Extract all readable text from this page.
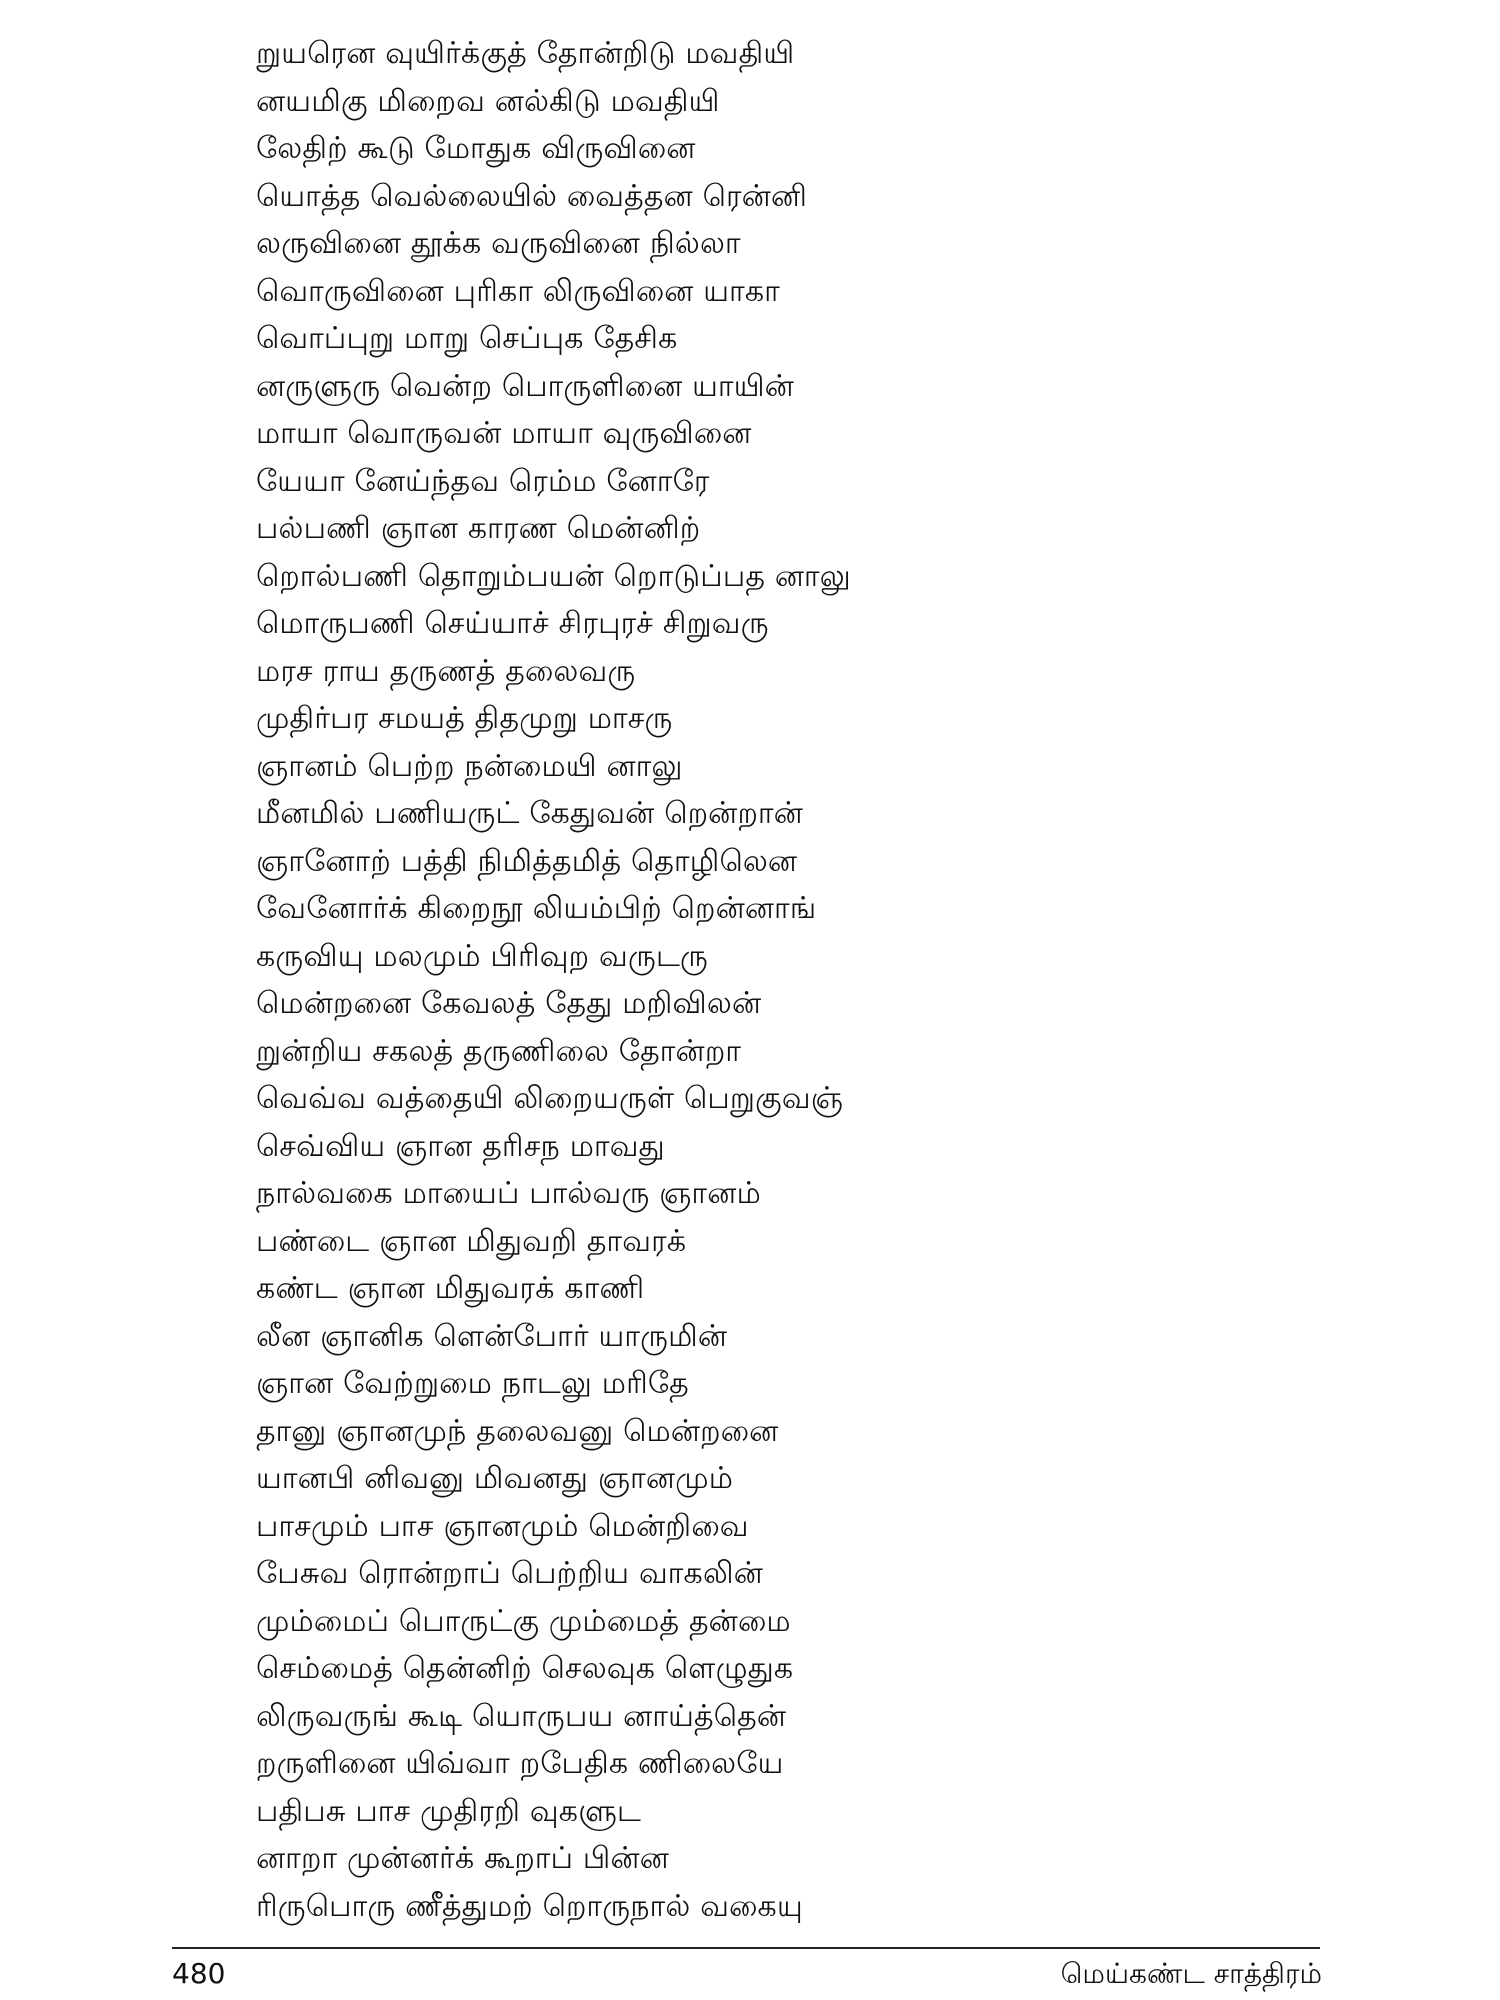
றுயரென வுயிர்க்குத் தோன்றிடு மவதியி
னயமிகு மிறைவ னல்கிடு மவதியி
லேதிற் கூடு மோதுக விருவினை
யொத்த வெல்லையில் வைத்தன ரென்னி
லருவினை தூக்க வருவினை நில்லா
வொருவினை புரிகா லிருவினை யாகா
வொப்புறு மாறு செப்புக தேசிக
னருளுரு வென்ற பொருளினை யாயின்
மாயா வொருவன் மாயா வுருவினை
யேயா னேய்ந்தவ ரெம்ம னோரே
பல்பணி ஞான காரண மென்னிற்
றொல்பணி தொறும்பயன் றொடுப்பத னாலு
மொருபணி செய்யாச் சிரபுரச் சிறுவரு
மரச ராய தருணத் தலைவரு
முதிர்பர சமயத் திதமுறு மாசரு
ஞானம் பெற்ற நன்மையி னாலு
மீனமில் பணியருட் கேதுவன் றென்றான்
ஞானோற் பத்தி நிமித்தமித் தொழிலென
வேனோர்க் கிறைநூ லியம்பிற் றென்னாங்
கருவியு மலமும் பிரிவுற வருடரு
மென்றனை கேவலத் தேது மறிவிலன்
றுன்றிய சகலத் தருணிலை தோன்றா
வெவ்வ வத்தையி லிறையருள் பெறுகுவஞ்
செவ்விய ஞான தரிசந மாவது
நால்வகை மாயைப் பால்வரு ஞானம்
பண்டை ஞான மிதுவறி தாவரக்
கண்ட ஞான மிதுவரக் காணி
லீன ஞானிக ளென்போர் யாருமின்
ஞான வேற்றுமை நாடலு மரிதே
தானு ஞானமுந் தலைவனு மென்றனை
யானபி னிவனு மிவனது ஞானமும்
பாசமும் பாச ஞானமும் மென்றிவை
பேசுவ ரொன்றாப் பெற்றிய வாகலின்
மும்மைப் பொருட்கு மும்மைத் தன்மை
செம்மைத் தென்னிற் செலவுக ளெழுதுக
லிருவருங் கூடி யொருபய னாய்த்தென்
றருளினை யிவ்வா றபேதிக ணிலையே
பதிபசு பாச முதிரறி வுகளுட
னாறா முன்னர்க் கூறாப் பின்ன
ரிருபொரு ணீத்துமற் றொருநால் வகையு
480	மெய்கண்ட சாத்திரம்
